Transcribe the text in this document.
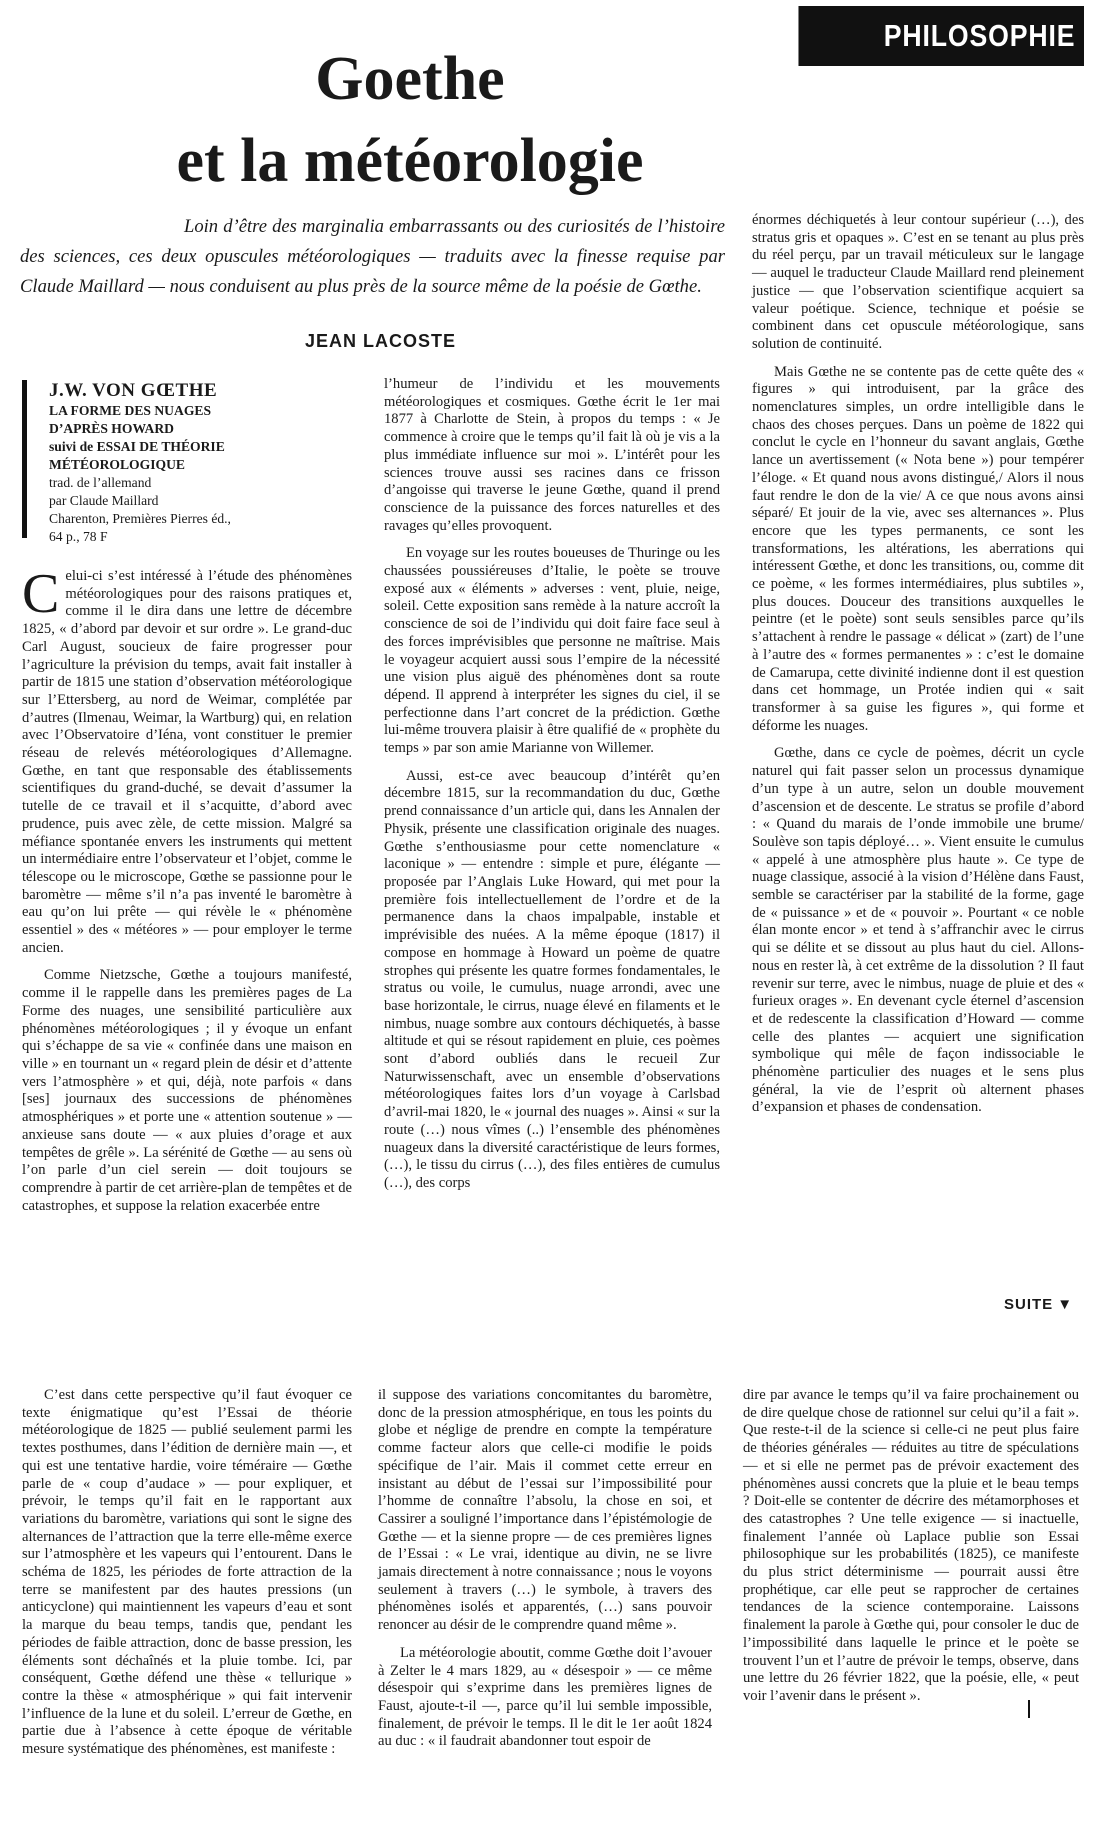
PHILOSOPHIE
Goethe
et la météorologie

Loin d’être des marginalia embarrassants ou des curiosités de l’histoire des sciences, ces deux opuscules météorologiques — traduits avec la finesse requise par Claude Maillard — nous conduisent au plus près de la source même de la poésie de Gœthe.

JEAN LACOSTE

J.W. VON GŒTHE

LA FORME DES NUAGES

D’APRÈS HOWARD

suivi de ESSAI DE THÉORIE

MÉTÉOROLOGIQUE

trad. de l’allemand

par Claude Maillard

Charenton, Premières Pierres éd.,

64 p., 78 F

Celui-ci s’est intéressé à l’étude des phénomènes météorologiques pour des raisons pratiques et, comme il le dira dans une lettre de décembre 1825, « d’abord par devoir et sur ordre ». Le grand-duc Carl August, soucieux de faire progresser pour l’agriculture la prévision du temps, avait fait installer à partir de 1815 une station d’observation météorologique sur l’Ettersberg, au nord de Weimar, complétée par d’autres (Ilmenau, Weimar, la Wartburg) qui, en relation avec l’Observatoire d’Iéna, vont constituer le premier réseau de relevés météorologiques d’Allemagne. Gœthe, en tant que responsable des établissements scientifiques du grand-duché, se devait d’assumer la tutelle de ce travail et il s’acquitte, d’abord avec prudence, puis avec zèle, de cette mission. Malgré sa méfiance spontanée envers les instruments qui mettent un intermédiaire entre l’observateur et l’objet, comme le télescope ou le microscope, Gœthe se passionne pour le baromètre — même s’il n’a pas inventé le baromètre à eau qu’on lui prête — qui révèle le « phénomène essentiel » des « météores » — pour employer le terme ancien.

Comme Nietzsche, Gœthe a toujours manifesté, comme il le rappelle dans les premières pages de La Forme des nuages, une sensibilité particulière aux phénomènes météorologiques ; il y évoque un enfant qui s’échappe de sa vie « confinée dans une maison en ville » en tournant un « regard plein de désir et d’attente vers l’atmosphère » et qui, déjà, note parfois « dans [ses] journaux des successions de phénomènes atmosphériques » et porte une « attention soutenue » — anxieuse sans doute — « aux pluies d’orage et aux tempêtes de grêle ». La sérénité de Gœthe — au sens où l’on parle d’un ciel serein — doit toujours se comprendre à partir de cet arrière-plan de tempêtes et de catastrophes, et suppose la relation exacerbée entre

l’humeur de l’individu et les mouvements météorologiques et cosmiques. Gœthe écrit le 1er mai 1877 à Charlotte de Stein, à propos du temps : « Je commence à croire que le temps qu’il fait là où je vis a la plus immédiate influence sur moi ». L’intérêt pour les sciences trouve aussi ses racines dans ce frisson d’angoisse qui traverse le jeune Gœthe, quand il prend conscience de la puissance des forces naturelles et des ravages qu’elles provoquent.

En voyage sur les routes boueuses de Thuringe ou les chaussées poussiéreuses d’Italie, le poète se trouve exposé aux « éléments » adverses : vent, pluie, neige, soleil. Cette exposition sans remède à la nature accroît la conscience de soi de l’individu qui doit faire face seul à des forces imprévisibles que personne ne maîtrise. Mais le voyageur acquiert aussi sous l’empire de la nécessité une vision plus aiguë des phénomènes dont sa route dépend. Il apprend à interpréter les signes du ciel, il se perfectionne dans l’art concret de la prédiction. Gœthe lui-même trouvera plaisir à être qualifié de « prophète du temps » par son amie Marianne von Willemer.

Aussi, est-ce avec beaucoup d’intérêt qu’en décembre 1815, sur la recommandation du duc, Gœthe prend connaissance d’un article qui, dans les Annalen der Physik, présente une classification originale des nuages. Gœthe s’enthousiasme pour cette nomenclature « laconique » — entendre : simple et pure, élégante — proposée par l’Anglais Luke Howard, qui met pour la première fois intellectuellement de l’ordre et de la permanence dans la chaos impalpable, instable et imprévisible des nuées. A la même époque (1817) il compose en hommage à Howard un poème de quatre strophes qui présente les quatre formes fondamentales, le stratus ou voile, le cumulus, nuage arrondi, avec une base horizontale, le cirrus, nuage élevé en filaments et le nimbus, nuage sombre aux contours déchiquetés, à basse altitude et qui se résout rapidement en pluie, ces poèmes sont d’abord oubliés dans le recueil Zur Naturwissenschaft, avec un ensemble d’observations météorologiques faites lors d’un voyage à Carlsbad d’avril-mai 1820, le « journal des nuages ». Ainsi « sur la route (…) nous vîmes (..) l’ensemble des phénomènes nuageux dans la diversité caractéristique de leurs formes, (…), le tissu du cirrus (…), des files entières de cumulus (…), des corps

énormes déchiquetés à leur contour supérieur (…), des stratus gris et opaques ». C’est en se tenant au plus près du réel perçu, par un travail méticuleux sur le langage — auquel le traducteur Claude Maillard rend pleinement justice — que l’observation scientifique acquiert sa valeur poétique. Science, technique et poésie se combinent dans cet opuscule météorologique, sans solution de continuité.

Mais Gœthe ne se contente pas de cette quête des « figures » qui introduisent, par la grâce des nomenclatures simples, un ordre intelligible dans le chaos des choses perçues. Dans un poème de 1822 qui conclut le cycle en l’honneur du savant anglais, Gœthe lance un avertissement (« Nota bene ») pour tempérer l’éloge. « Et quand nous avons distingué,/ Alors il nous faut rendre le don de la vie/ A ce que nous avons ainsi séparé/ Et jouir de la vie, avec ses alternances ». Plus encore que les types permanents, ce sont les transformations, les altérations, les aberrations qui intéressent Gœthe, et donc les transitions, ou, comme dit ce poème, « les formes intermédiaires, plus subtiles », plus douces. Douceur des transitions auxquelles le peintre (et le poète) sont seuls sensibles parce qu’ils s’attachent à rendre le passage « délicat » (zart) de l’une à l’autre des « formes permanentes » : c’est le domaine de Camarupa, cette divinité indienne dont il est question dans cet hommage, un Protée indien qui « sait transformer à sa guise les figures », qui forme et déforme les nuages.

Gœthe, dans ce cycle de poèmes, décrit un cycle naturel qui fait passer selon un processus dynamique d’un type à un autre, selon un double mouvement d’ascension et de descente. Le stratus se profile d’abord : « Quand du marais de l’onde immobile une brume/ Soulève son tapis déployé… ». Vient ensuite le cumulus « appelé à une atmosphère plus haute ». Ce type de nuage classique, associé à la vision d’Hélène dans Faust, semble se caractériser par la stabilité de la forme, gage de « puissance » et de « pouvoir ». Pourtant « ce noble élan monte encor » et tend à s’affranchir avec le cirrus qui se délite et se dissout au plus haut du ciel. Allons-nous en rester là, à cet extrême de la dissolution ? Il faut revenir sur terre, avec le nimbus, nuage de pluie et des « furieux orages ». En devenant cycle éternel d’ascension et de redescente la classification d’Howard — comme celle des plantes — acquiert une signification symbolique qui mêle de façon indissociable le phénomène particulier des nuages et le sens plus général, la vie de l’esprit où alternent phases d’expansion et phases de condensation.

SUITE ▼

C’est dans cette perspective qu’il faut évoquer ce texte énigmatique qu’est l’Essai de théorie météorologique de 1825 — publié seulement parmi les textes posthumes, dans l’édition de dernière main —, et qui est une tentative hardie, voire téméraire — Gœthe parle de « coup d’audace » — pour expliquer, et prévoir, le temps qu’il fait en le rapportant aux variations du baromètre, variations qui sont le signe des alternances de l’attraction que la terre elle-même exerce sur l’atmosphère et les vapeurs qui l’entourent. Dans le schéma de 1825, les périodes de forte attraction de la terre se manifestent par des hautes pressions (un anticyclone) qui maintiennent les vapeurs d’eau et sont la marque du beau temps, tandis que, pendant les périodes de faible attraction, donc de basse pression, les éléments sont déchaînés et la pluie tombe. Ici, par conséquent, Gœthe défend une thèse « tellurique » contre la thèse « atmosphérique » qui fait intervenir l’influence de la lune et du soleil. L’erreur de Gœthe, en partie due à l’absence à cette époque de véritable mesure systématique des phénomènes, est manifeste :

il suppose des variations concomitantes du baromètre, donc de la pression atmosphérique, en tous les points du globe et néglige de prendre en compte la température comme facteur alors que celle-ci modifie le poids spécifique de l’air. Mais il commet cette erreur en insistant au début de l’essai sur l’impossibilité pour l’homme de connaître l’absolu, la chose en soi, et Cassirer a souligné l’importance dans l’épistémologie de Gœthe — et la sienne propre — de ces premières lignes de l’Essai : « Le vrai, identique au divin, ne se livre jamais directement à notre connaissance ; nous le voyons seulement à travers (…) le symbole, à travers des phénomènes isolés et apparentés, (…) sans pouvoir renoncer au désir de le comprendre quand même ».

La météorologie aboutit, comme Gœthe doit l’avouer à Zelter le 4 mars 1829, au « désespoir » — ce même désespoir qui s’exprime dans les premières lignes de Faust, ajoute-t-il —, parce qu’il lui semble impossible, finalement, de prévoir le temps. Il le dit le 1er août 1824 au duc : « il faudrait abandonner tout espoir de

dire par avance le temps qu’il va faire prochainement ou de dire quelque chose de rationnel sur celui qu’il a fait ». Que reste-t-il de la science si celle-ci ne peut plus faire de théories générales — réduites au titre de spéculations — et si elle ne permet pas de prévoir exactement des phénomènes aussi concrets que la pluie et le beau temps ? Doit-elle se contenter de décrire des métamorphoses et des catastrophes ? Une telle exigence — si inactuelle, finalement l’année où Laplace publie son Essai philosophique sur les probabilités (1825), ce manifeste du plus strict déterminisme — pourrait aussi être prophétique, car elle peut se rapprocher de certaines tendances de la science contemporaine. Laissons finalement la parole à Gœthe qui, pour consoler le duc de l’impossibilité dans laquelle le prince et le poète se trouvent l’un et l’autre de prévoir le temps, observe, dans une lettre du 26 février 1822, que la poésie, elle, « peut voir l’avenir dans le présent ».
